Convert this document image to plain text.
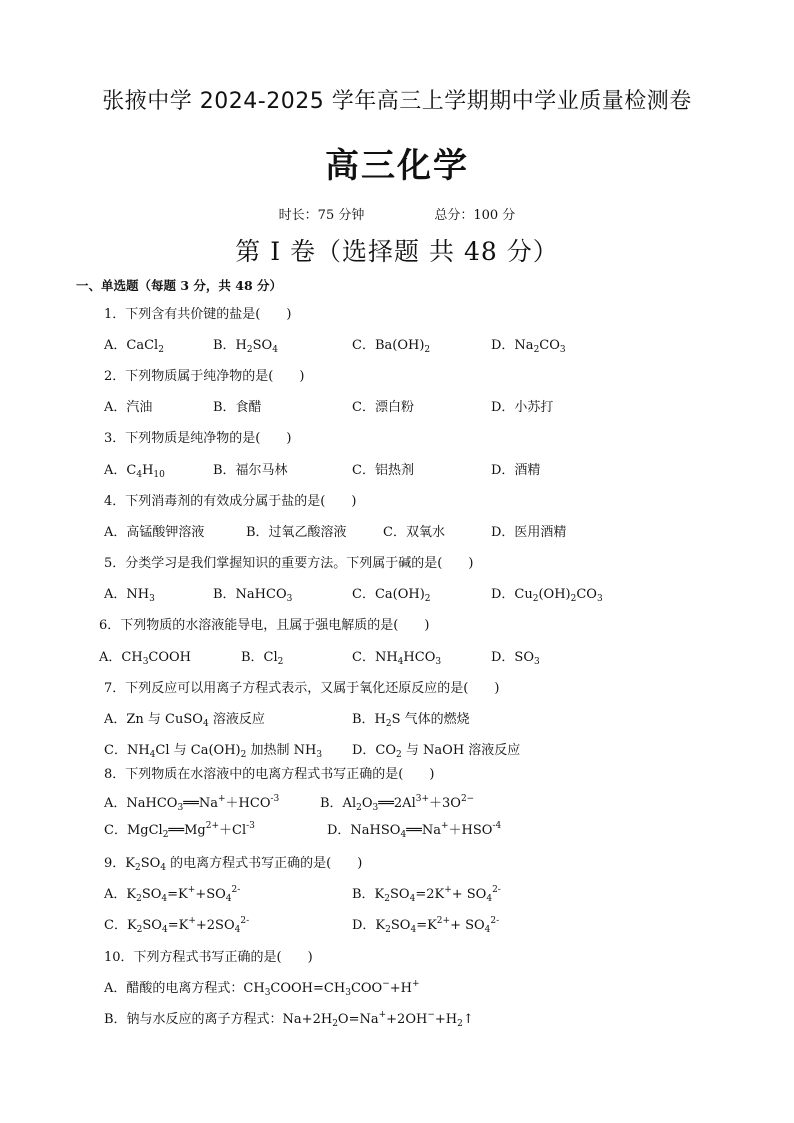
张掖中学 2024-2025 学年高三上学期期中学业质量检测卷
高三化学
时长：75 分钟	总分：100 分
第 I 卷（选择题 共 48 分）
一、单选题（每题 3 分，共 48 分）
1．下列含有共价键的盐是(　　)
A．CaCl$_2$	B．$H_2SO_4$	C．$Ba(OH)_2$	D．$Na_2CO_3$
2．下列物质属于纯净物的是(　　)
A．汽油	B．食醋	C．漂白粉	D．小苏打
3．下列物质是纯净物的是(　　)
A．$C_4H_{10}$	B．福尔马林	C．铝热剂	D．酒精
4．下列消毒剂的有效成分属于盐的是(　　)
A．高锰酸钾溶液	B．过氧乙酸溶液	C．双氧水	D．医用酒精
5．分类学习是我们掌握知识的重要方法。下列属于碱的是(　　)
A．$NH_3$	B．NaHCO$_3$	C．$Ca(OH)_2$	D．$Cu_2(OH)_2CO_3$
6．下列物质的水溶液能导电，且属于强电解质的是(　　)
A．$CH_3COOH$	B．$Cl_2$	C．$NH_4HCO_3$	D．$SO_3$
7．下列反应可以用离子方程式表示，又属于氧化还原反应的是(　　)
A．Zn 与 CuSO$_4$ 溶液反应	B．$H_2S$ 气体的燃烧
C．$NH_4Cl$ 与 $Ca(OH)_2$ 加热制 $NH_3$ D．$CO_2$ 与 NaOH 溶液反应
8．下列物质在水溶液中的电离方程式书写正确的是(　　)
A．$NaHCO_3══Na^++HCO^{-3}$	B．$Al_2O_3══2Al^{3+}+3O^{2-}$
C．$MgCl_2══Mg^{2+}+Cl^{-3}$	D．$NaHSO_4══Na^++HSO^{-4}$
9．$K_2SO_4$ 的电离方程式书写正确的是(　　)
A．$K_2SO_4=K^++SO_4^{2-}$	B．$K_2SO_4=2K^++ SO_4^{2-}$
C．$K_2SO_4=K^++2SO_4^{2-}$	D．$K_2SO_4=K^{2+}+ SO_4^{2-}$
10．下列方程式书写正确的是(　　)
A．醋酸的电离方程式：$CH_3COOH=CH_3COO^-+H^+$
B．钠与水反应的离子方程式：$Na+2H_2O=Na^++2OH^-+H_2↑$
